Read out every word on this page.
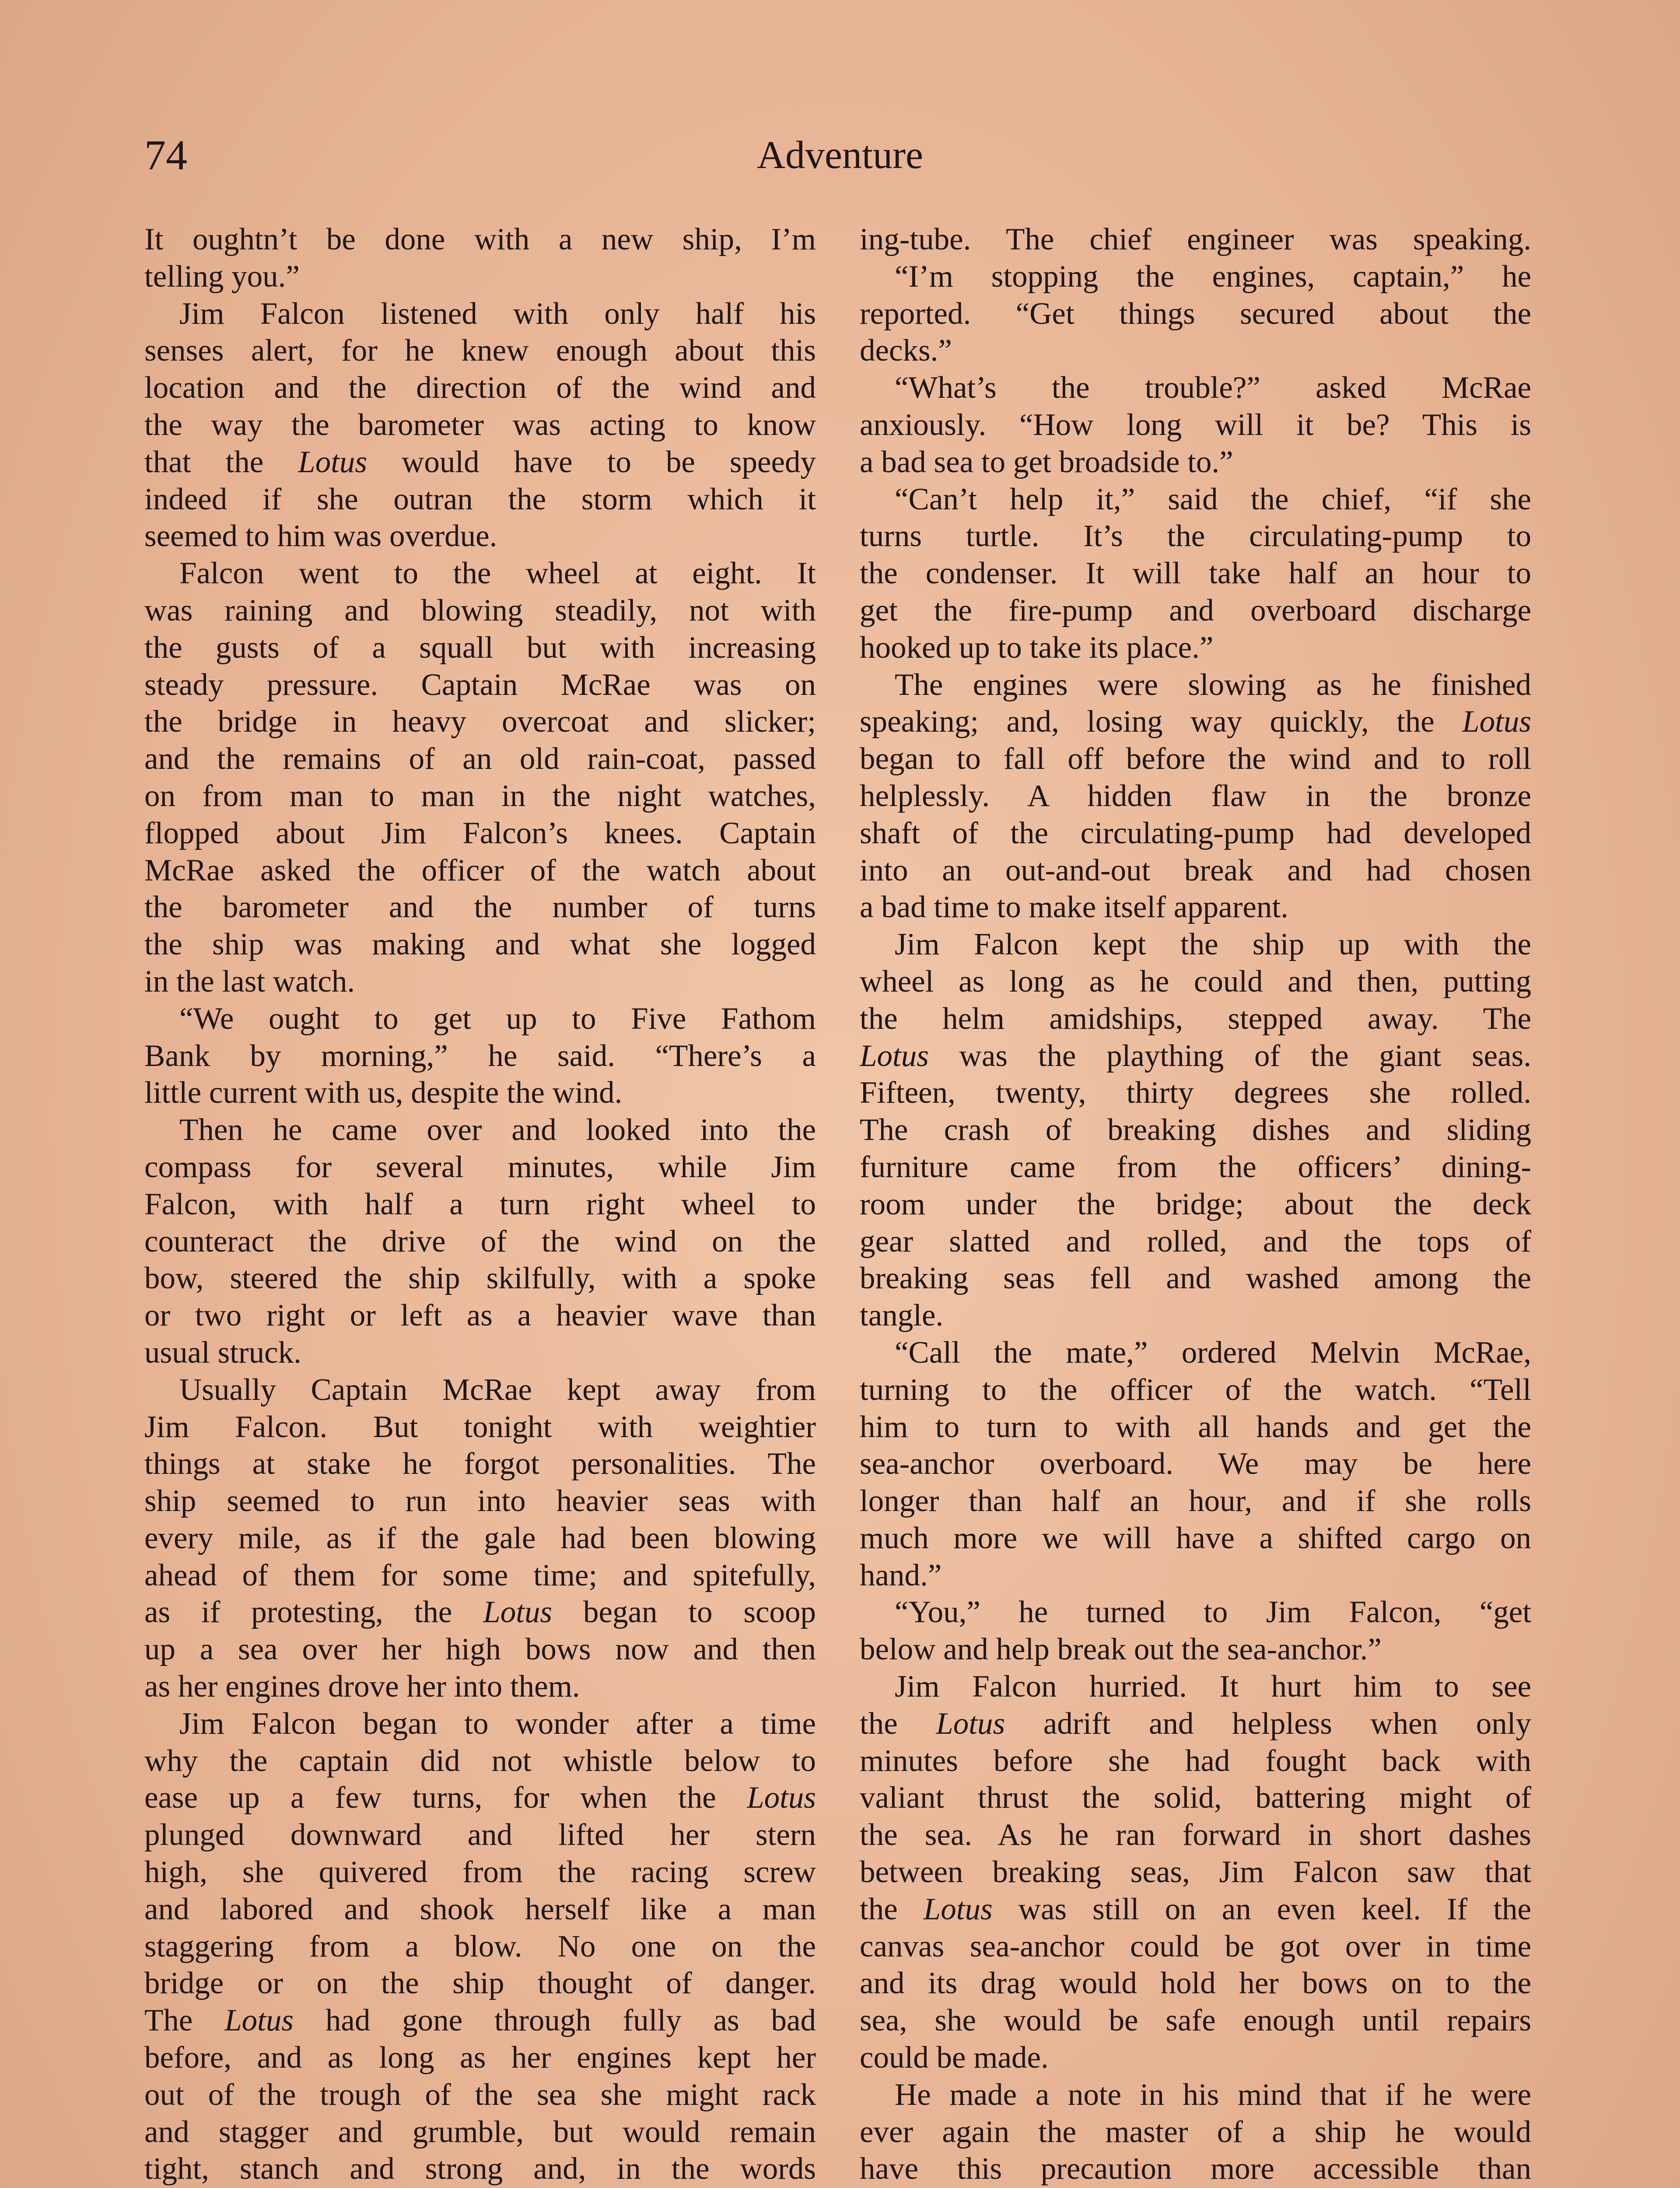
74	Adventure
It oughtn’t be done with a new ship, I’m
telling you.”
Jim Falcon listened with only half his
senses alert, for he knew enough about this
location and the direction of the wind and
the way the barometer was acting to know
that the Lotus would have to be speedy
indeed if she outran the storm which it
seemed to him was overdue.
Falcon went to the wheel at eight. It
was raining and blowing steadily, not with
the gusts of a squall but with increasing
steady pressure. Captain McRae was on
the bridge in heavy overcoat and slicker;
and the remains of an old rain-coat, passed
on from man to man in the night watches,
flopped about Jim Falcon’s knees. Captain
McRae asked the officer of the watch about
the barometer and the number of turns
the ship was making and what she logged
in the last watch.
“We ought to get up to Five Fathom
Bank by morning,” he said. “There’s a
little current with us, despite the wind.
Then he came over and looked into the
compass for several minutes, while Jim
Falcon, with half a turn right wheel to
counteract the drive of the wind on the
bow, steered the ship skilfully, with a spoke
or two right or left as a heavier wave than
usual struck.
Usually Captain McRae kept away from
Jim Falcon. But tonight with weightier
things at stake he forgot personalities. The
ship seemed to run into heavier seas with
every mile, as if the gale had been blowing
ahead of them for some time; and spitefully,
as if protesting, the Lotus began to scoop
up a sea over her high bows now and then
as her engines drove her into them.
Jim Falcon began to wonder after a time
why the captain did not whistle below to
ease up a few turns, for when the Lotus
plunged downward and lifted her stern
high, she quivered from the racing screw
and labored and shook herself like a man
staggering from a blow. No one on the
bridge or on the ship thought of danger.
The Lotus had gone through fully as bad
before, and as long as her engines kept her
out of the trough of the sea she might rack
and stagger and grumble, but would remain
tight, stanch and strong and, in the words
ing-tube. The chief engineer was speaking.
“I’m stopping the engines, captain,” he
reported. “Get things secured about the
decks.”
“What’s the trouble?” asked McRae
anxiously. “How long will it be? This is
a bad sea to get broadside to.”
“Can’t help it,” said the chief, “if she
turns turtle. It’s the circulating-pump to
the condenser. It will take half an hour to
get the fire-pump and overboard discharge
hooked up to take its place.”
The engines were slowing as he finished
speaking; and, losing way quickly, the Lotus
began to fall off before the wind and to roll
helplessly. A hidden flaw in the bronze
shaft of the circulating-pump had developed
into an out-and-out break and had chosen
a bad time to make itself apparent.
Jim Falcon kept the ship up with the
wheel as long as he could and then, putting
the helm amidships, stepped away. The
Lotus was the plaything of the giant seas.
Fifteen, twenty, thirty degrees she rolled.
The crash of breaking dishes and sliding
furniture came from the officers’ dining-
room under the bridge; about the deck
gear slatted and rolled, and the tops of
breaking seas fell and washed among the
tangle.
“Call the mate,” ordered Melvin McRae,
turning to the officer of the watch. “Tell
him to turn to with all hands and get the
sea-anchor overboard. We may be here
longer than half an hour, and if she rolls
much more we will have a shifted cargo on
hand.”
“You,” he turned to Jim Falcon, “get
below and help break out the sea-anchor.”
Jim Falcon hurried. It hurt him to see
the Lotus adrift and helpless when only
minutes before she had fought back with
valiant thrust the solid, battering might of
the sea. As he ran forward in short dashes
between breaking seas, Jim Falcon saw that
the Lotus was still on an even keel. If the
canvas sea-anchor could be got over in time
and its drag would hold her bows on to the
sea, she would be safe enough until repairs
could be made.
He made a note in his mind that if he were
ever again the master of a ship he would
have this precaution more accessible than
